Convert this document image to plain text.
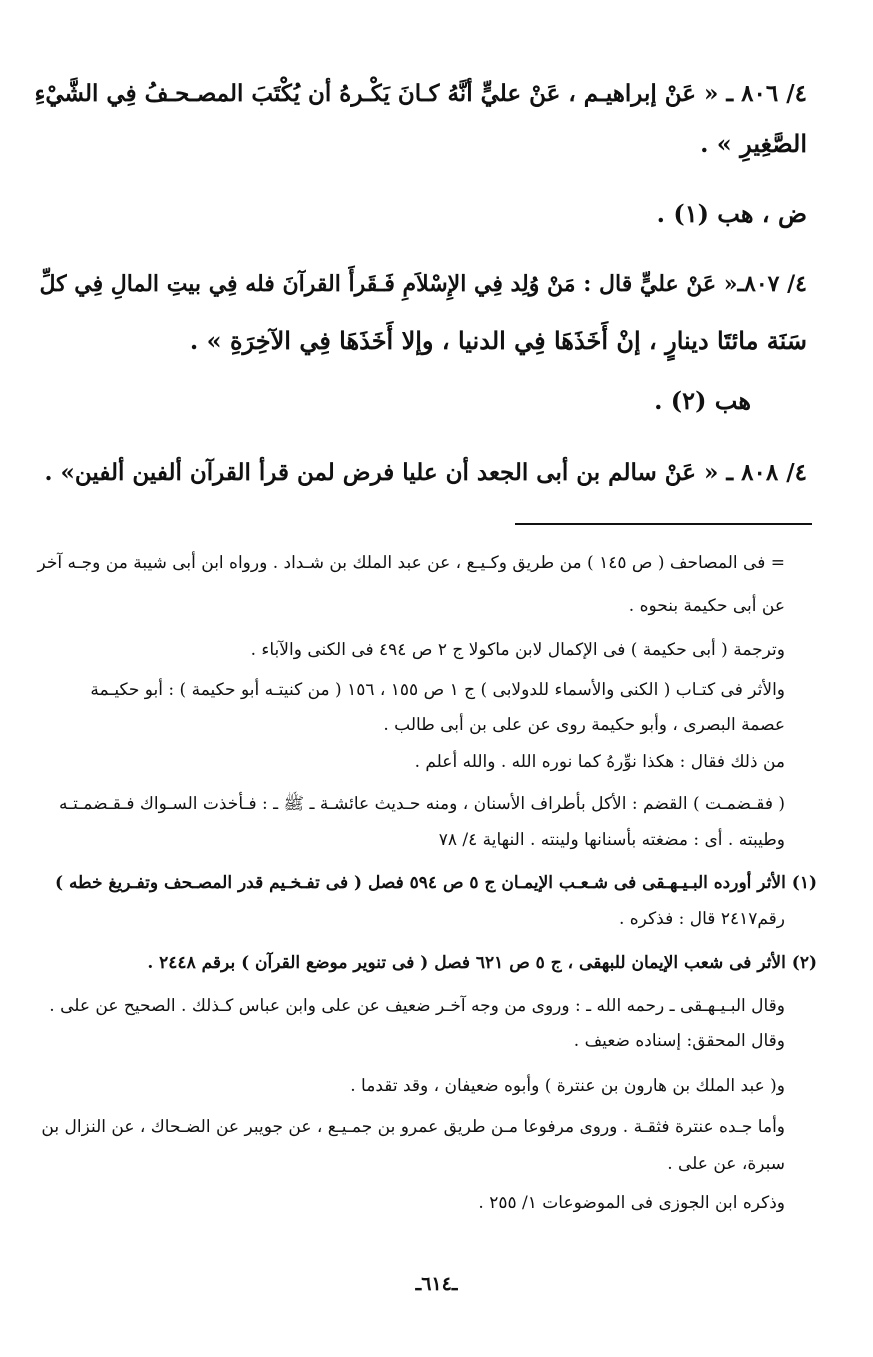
٤/ ٨٠٦ ـ « عَنْ إبراهيـم ، عَنْ عليٍّ أنَّهُ كـانَ يَكْـرهُ أن يُكْتَبَ المصـحـفُ فِي الشَّيْءِ
الصَّغِيرِ » .
ض ، هب (١) .
٤/ ٨٠٧ـ« عَنْ عليٍّ قال : مَنْ وُلِد فِي الإِسْلاَمِ فَـقَرأَ القرآنَ فله فِي بيتِ المالِ فِي كلِّ
سَنَة مائتَا دينارٍ ، إنْ أَخَذَهَا فِي الدنيا ، وإلا أَخَذَهَا فِي الآخِرَةِ » .
هب (٢) .
٤/ ٨٠٨ ـ « عَنْ سالم بن أبى الجعد أن عليا فرض لمن قرأ القرآن ألفين ألفين» .
= فى المصاحف ( ص ١٤٥ ) من طريق وكـيـع ، عن عبد الملك بن شـداد . ورواه ابن أبى شيبة من وجـه آخر
عن أبى حكيمة بنحوه .
وترجمة ( أبى حكيمة ) فى الإكمال لابن ماكولا ج ٢ ص ٤٩٤ فى الكنى والآباء .
والأثر فى كتـاب ( الكنى والأسماء للدولابى ) ج ١ ص ١٥٥ ، ١٥٦ ( من كنيتـه أبو حكيمة ) : أبو حكيـمة
عصمة البصرى ، وأبو حكيمة روى عن على بن أبى طالب .
من ذلك فقال : هكذا نوِّرهُ كما نوره الله . والله أعلم .
( فقـضمـت ) القضم : الأكل بأطراف الأسنان ، ومنه حـديث عائشـة ـ ﷺ ـ : فـأخذت السـواك فـقـضمـتـه
وطيبته . أى : مضغته بأسنانها ولينته . النهاية ٤/ ٧٨
(١) الأثر أورده البـيـهـقى فى شـعـب الإيمـان ج ٥ ص ٥٩٤ فصل ( فى تفـخـيم قدر المصـحف وتفـريغ خطه )
رقم٢٤١٧ قال : فذكره .
(٢) الأثر فى شعب الإيمان للبهقى ، ج ٥ ص ٦٢١ فصل ( فى تنوير موضع القرآن ) برقم ٢٤٤٨ .
وقال البـيـهـقى ـ رحمه الله ـ : وروى من وجه آخـر ضعيف عن على وابن عباس كـذلك . الصحيح عن على .
وقال المحقق: إسناده ضعيف .
و( عبد الملك بن هارون بن عنترة ) وأبوه ضعيفان ، وقد تقدما .
وأما جـده عنترة فثقـة . وروى مرفوعا مـن طريق عمرو بن جمـيـع ، عن جويبر عن الضـحاك ، عن النزال بن
سبرة، عن على .
وذكره ابن الجوزى فى الموضوعات ١/ ٢٥٥ .
ـ٦١٤ـ
